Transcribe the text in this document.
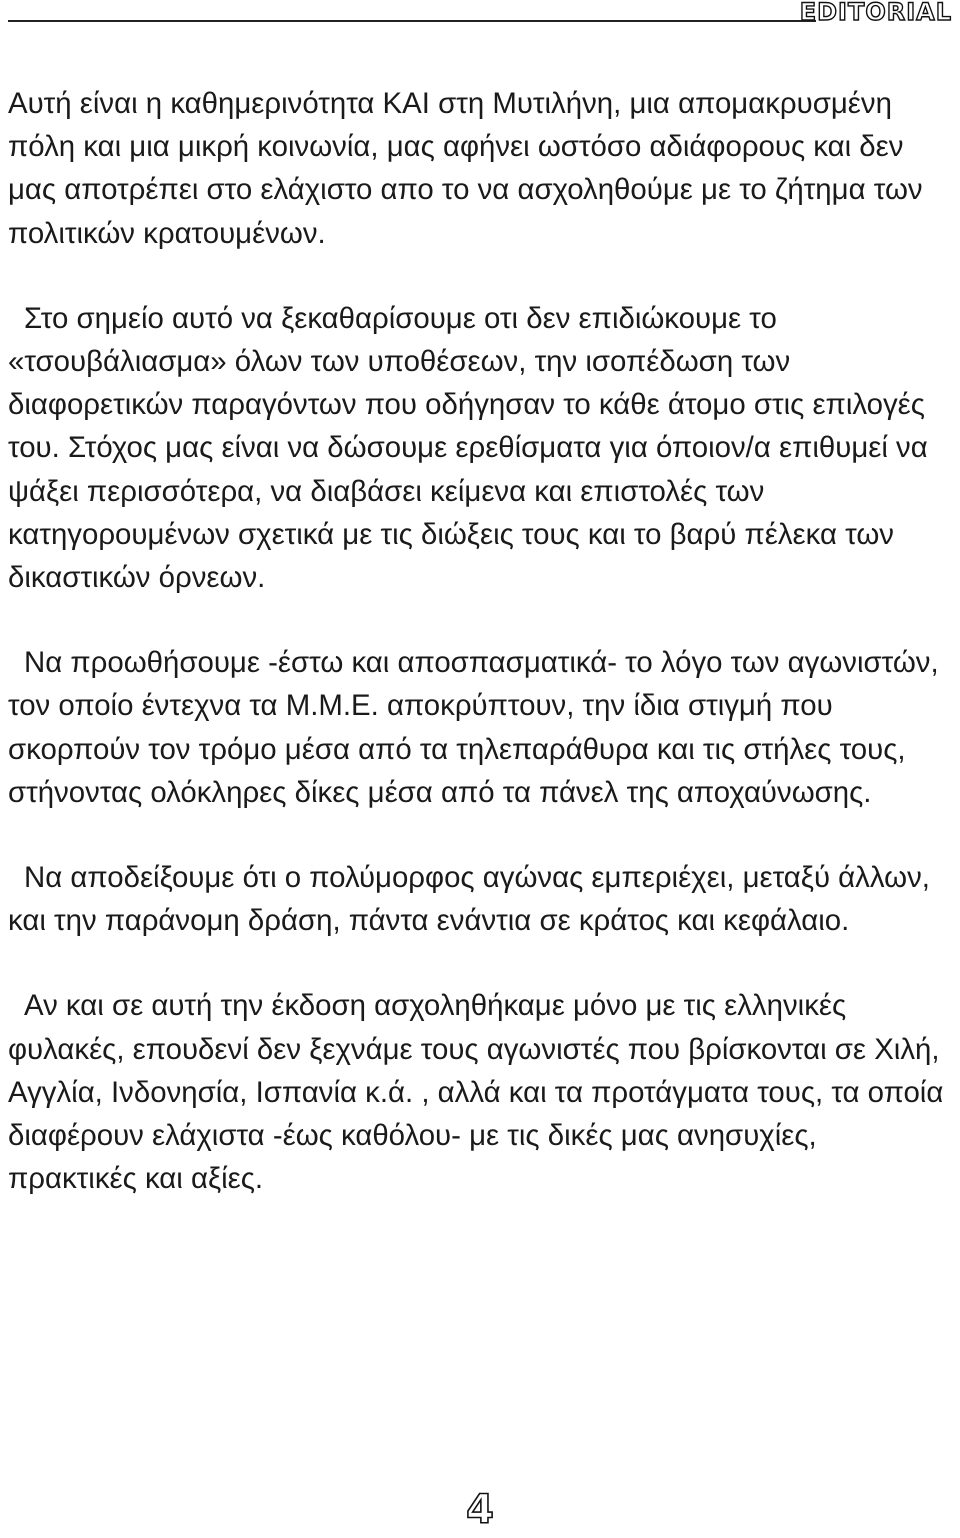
EDITORIAL

Αυτή είναι η καθημερινότητα ΚΑΙ στη Μυτιλήνη, μια απομακρυσμένη πόλη και μια μικρή κοινωνία, μας αφήνει ωστόσο αδιάφορους και δεν μας αποτρέπει στο ελάχιστο απο το να ασχοληθούμε με το ζήτημα των πολιτικών κρατουμένων.

Στο σημείο αυτό να ξεκαθαρίσουμε οτι δεν επιδιώκουμε το «τσουβάλιασμα» όλων των υποθέσεων, την ισοπέδωση των διαφορετικών παραγόντων που οδήγησαν το κάθε άτομο στις επιλογές του. Στόχος μας είναι να δώσουμε ερεθίσματα για όποιον/α επιθυμεί να ψάξει περισσότερα, να διαβάσει κείμενα και επιστολές των κατηγορουμένων σχετικά με τις διώξεις τους και το βαρύ πέλεκα των δικαστικών όρνεων.

Να προωθήσουμε -έστω και αποσπασματικά- το λόγο των αγωνιστών, τον οποίο έντεχνα τα Μ.Μ.Ε. αποκρύπτουν, την ίδια στιγμή που σκορπούν τον τρόμο μέσα από τα τηλεπαράθυρα και τις στήλες τους, στήνοντας ολόκληρες δίκες μέσα από τα πάνελ της αποχαύνωσης.

Να αποδείξουμε ότι ο πολύμορφος αγώνας εμπεριέχει, μεταξύ άλλων, και την παράνομη δράση, πάντα ενάντια σε κράτος και κεφάλαιο.

Αν και σε αυτή την έκδοση ασχοληθήκαμε μόνο με τις ελληνικές φυλακές, επουδενί δεν ξεχνάμε τους αγωνιστές που βρίσκονται σε Χιλή, Αγγλία, Ινδονησία, Ισπανία κ.ά. , αλλά και τα προτάγματα τους, τα οποία διαφέρουν ελάχιστα -έως καθόλου- με τις δικές μας ανησυχίες, πρακτικές και αξίες.

4
